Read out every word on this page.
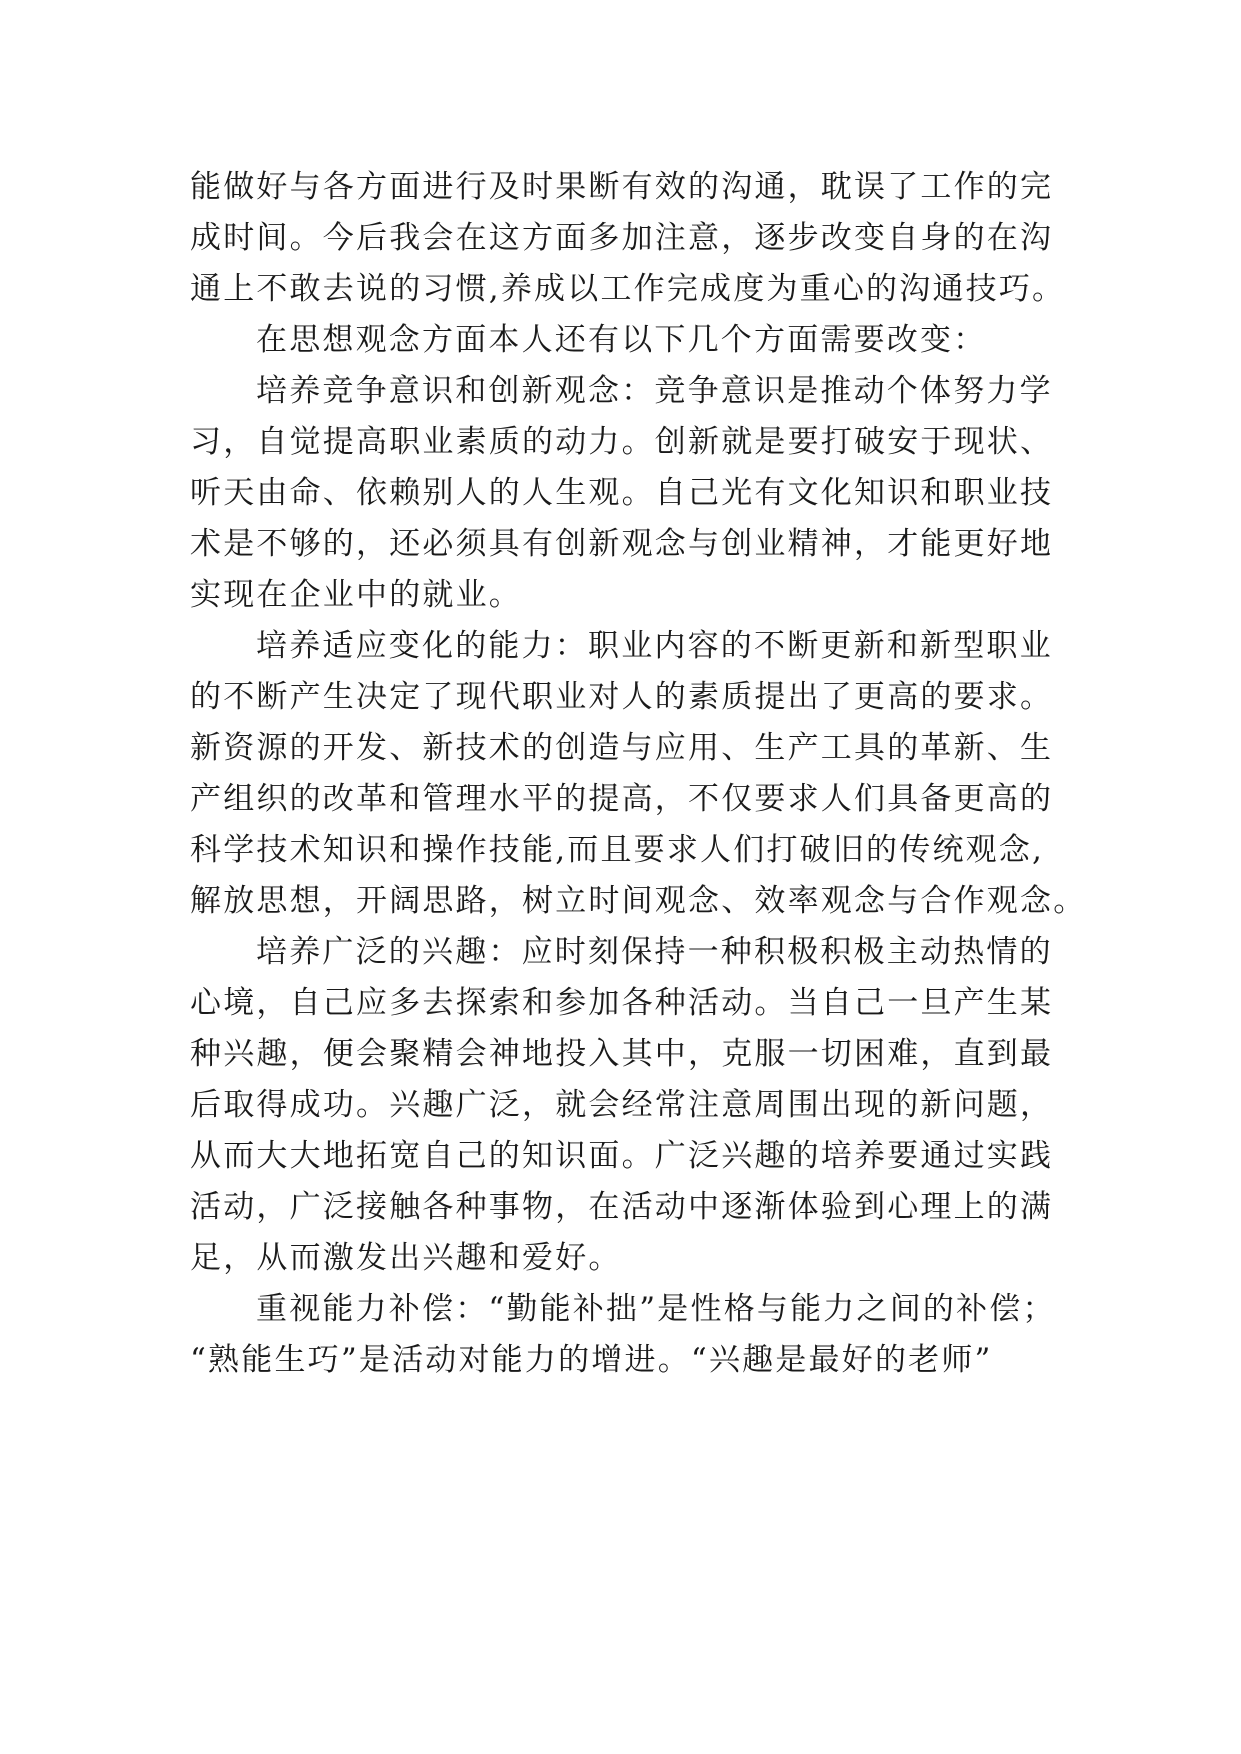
能做好与各方面进行及时果断有效的沟通，耽误了工作的完
成时间。今后我会在这方面多加注意，逐步改变自身的在沟
通上不敢去说的习惯,养成以工作完成度为重心的沟通技巧。
在思想观念方面本人还有以下几个方面需要改变：
培养竞争意识和创新观念：竞争意识是推动个体努力学
习，自觉提高职业素质的动力。创新就是要打破安于现状、
听天由命、依赖别人的人生观。自己光有文化知识和职业技
术是不够的，还必须具有创新观念与创业精神，才能更好地
实现在企业中的就业。
培养适应变化的能力：职业内容的不断更新和新型职业
的不断产生决定了现代职业对人的素质提出了更高的要求。
新资源的开发、新技术的创造与应用、生产工具的革新、生
产组织的改革和管理水平的提高，不仅要求人们具备更高的
科学技术知识和操作技能,而且要求人们打破旧的传统观念,
解放思想，开阔思路，树立时间观念、效率观念与合作观念。
培养广泛的兴趣：应时刻保持一种积极积极主动热情的
心境，自己应多去探索和参加各种活动。当自己一旦产生某
种兴趣，便会聚精会神地投入其中，克服一切困难，直到最
后取得成功。兴趣广泛，就会经常注意周围出现的新问题，
从而大大地拓宽自己的知识面。广泛兴趣的培养要通过实践
活动，广泛接触各种事物，在活动中逐渐体验到心理上的满
足，从而激发出兴趣和爱好。
重视能力补偿：“勤能补拙”是性格与能力之间的补偿；
“熟能生巧”是活动对能力的增进。“兴趣是最好的老师”
